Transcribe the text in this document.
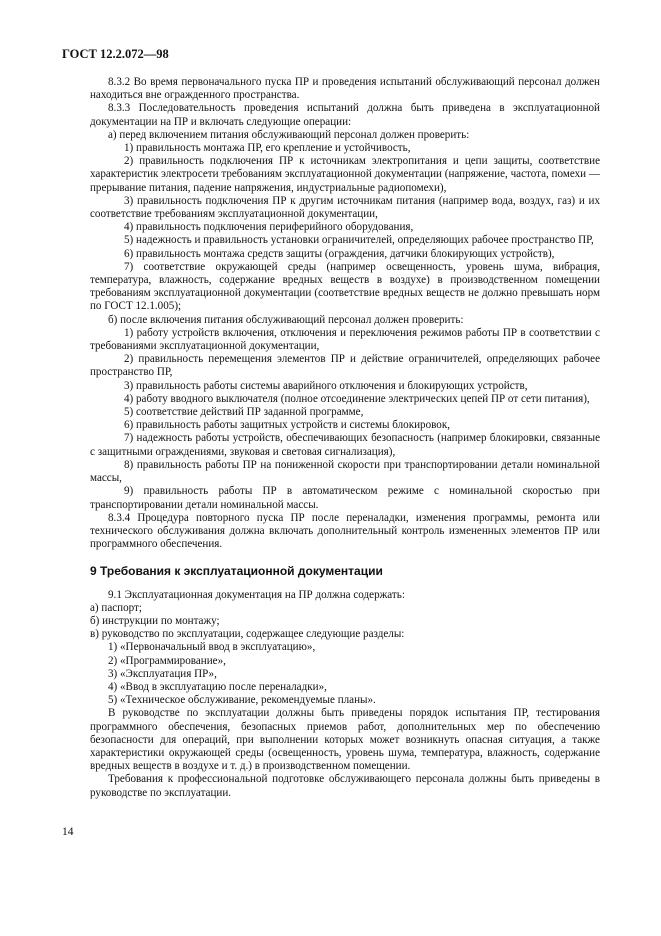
ГОСТ 12.2.072—98

8.3.2 Во время первоначального пуска ПР и проведения испытаний обслуживающий персонал должен находиться вне огражденного пространства.

8.3.3 Последовательность проведения испытаний должна быть приведена в эксплуатационной документации на ПР и включать следующие операции:

а) перед включением питания обслуживающий персонал должен проверить:

1) правильность монтажа ПР, его крепление и устойчивость,

2) правильность подключения ПР к источникам электропитания и цепи защиты, соответствие характеристик электросети требованиям эксплуатационной документации (напряжение, частота, помехи — прерывание питания, падение напряжения, индустриальные радиопомехи),

3) правильность подключения ПР к другим источникам питания (например вода, воздух, газ) и их соответствие требованиям эксплуатационной документации,

4) правильность подключения периферийного оборудования,

5) надежность и правильность установки ограничителей, определяющих рабочее пространство ПР,

6) правильность монтажа средств защиты (ограждения, датчики блокирующих устройств),

7) соответствие окружающей среды (например освещенность, уровень шума, вибрация, температура, влажность, содержание вредных веществ в воздухе) в производственном помещении требованиям эксплуатационной документации (соответствие вредных веществ не должно превышать норм по ГОСТ 12.1.005);

б) после включения питания обслуживающий персонал должен проверить:

1) работу устройств включения, отключения и переключения режимов работы ПР в соответствии с требованиями эксплуатационной документации,

2) правильность перемещения элементов ПР и действие ограничителей, определяющих рабочее пространство ПР,

3) правильность работы системы аварийного отключения и блокирующих устройств,

4) работу вводного выключателя (полное отсоединение электрических цепей ПР от сети питания),

5) соответствие действий ПР заданной программе,

6) правильность работы защитных устройств и системы блокировок,

7) надежность работы устройств, обеспечивающих безопасность (например блокировки, связанные с защитными ограждениями, звуковая и световая сигнализация),

8) правильность работы ПР на пониженной скорости при транспортировании детали номинальной массы,

9) правильность работы ПР в автоматическом режиме с номинальной скоростью при транспортировании детали номинальной массы.

8.3.4 Процедура повторного пуска ПР после переналадки, изменения программы, ремонта или технического обслуживания должна включать дополнительный контроль измененных элементов ПР или программного обеспечения.

9 Требования к эксплуатационной документации

9.1 Эксплуатационная документация на ПР должна содержать:

а) паспорт;

б) инструкции по монтажу;

в) руководство по эксплуатации, содержащее следующие разделы:

1) «Первоначальный ввод в эксплуатацию»,

2) «Программирование»,

3) «Эксплуатация ПР»,

4) «Ввод в эксплуатацию после переналадки»,

5) «Техническое обслуживание, рекомендуемые планы».

В руководстве по эксплуатации должны быть приведены порядок испытания ПР, тестирования программного обеспечения, безопасных приемов работ, дополнительных мер по обеспечению безопасности для операций, при выполнении которых может возникнуть опасная ситуация, а также характеристики окружающей среды (освещенность, уровень шума, температура, влажность, содержание вредных веществ в воздухе и т. д.) в производственном помещении.

Требования к профессиональной подготовке обслуживающего персонала должны быть приведены в руководстве по эксплуатации.

14
